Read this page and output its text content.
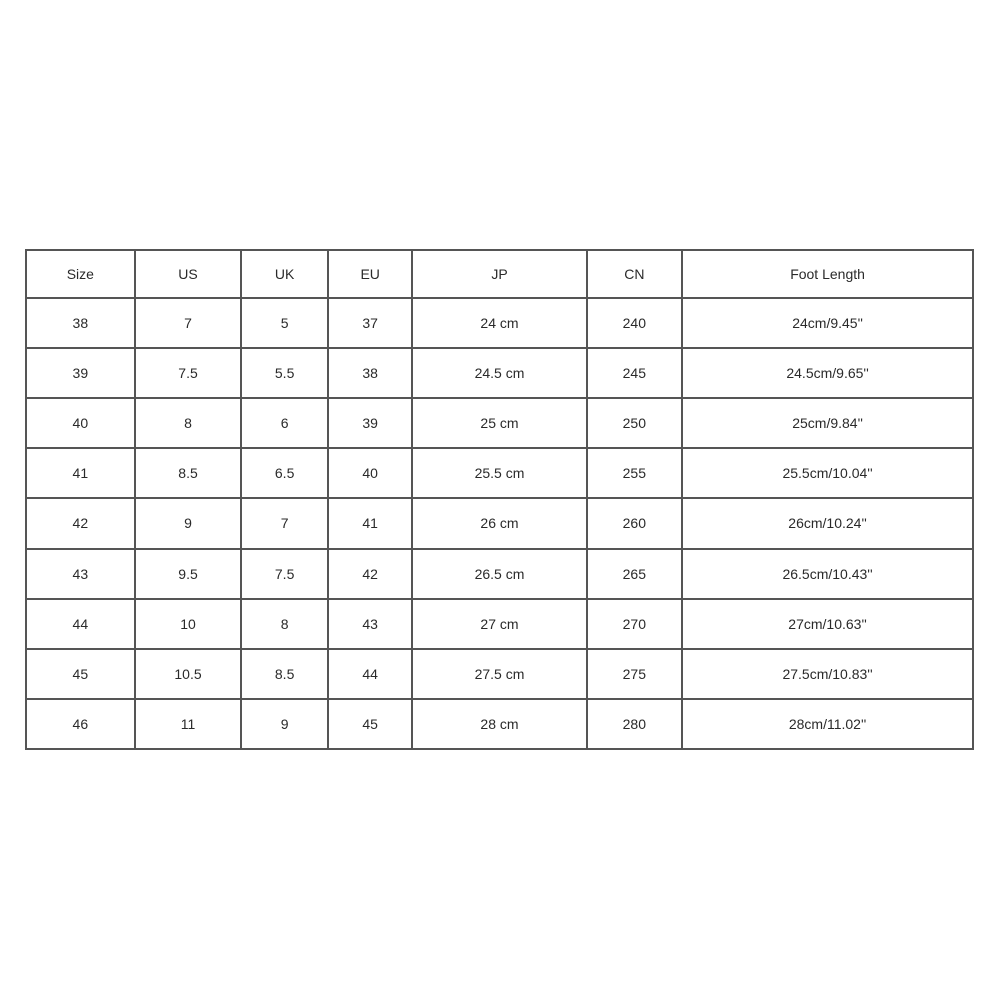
Size	US	UK	EU	JP	CN	Foot Length
38	7	5	37	24 cm	240	24cm/9.45''
39	7.5	5.5	38	24.5 cm	245	24.5cm/9.65''
40	8	6	39	25 cm	250	25cm/9.84''
41	8.5	6.5	40	25.5 cm	255	25.5cm/10.04''
42	9	7	41	26 cm	260	26cm/10.24''
43	9.5	7.5	42	26.5 cm	265	26.5cm/10.43''
44	10	8	43	27 cm	270	27cm/10.63''
45	10.5	8.5	44	27.5 cm	275	27.5cm/10.83''
46	11	9	45	28 cm	280	28cm/11.02''
